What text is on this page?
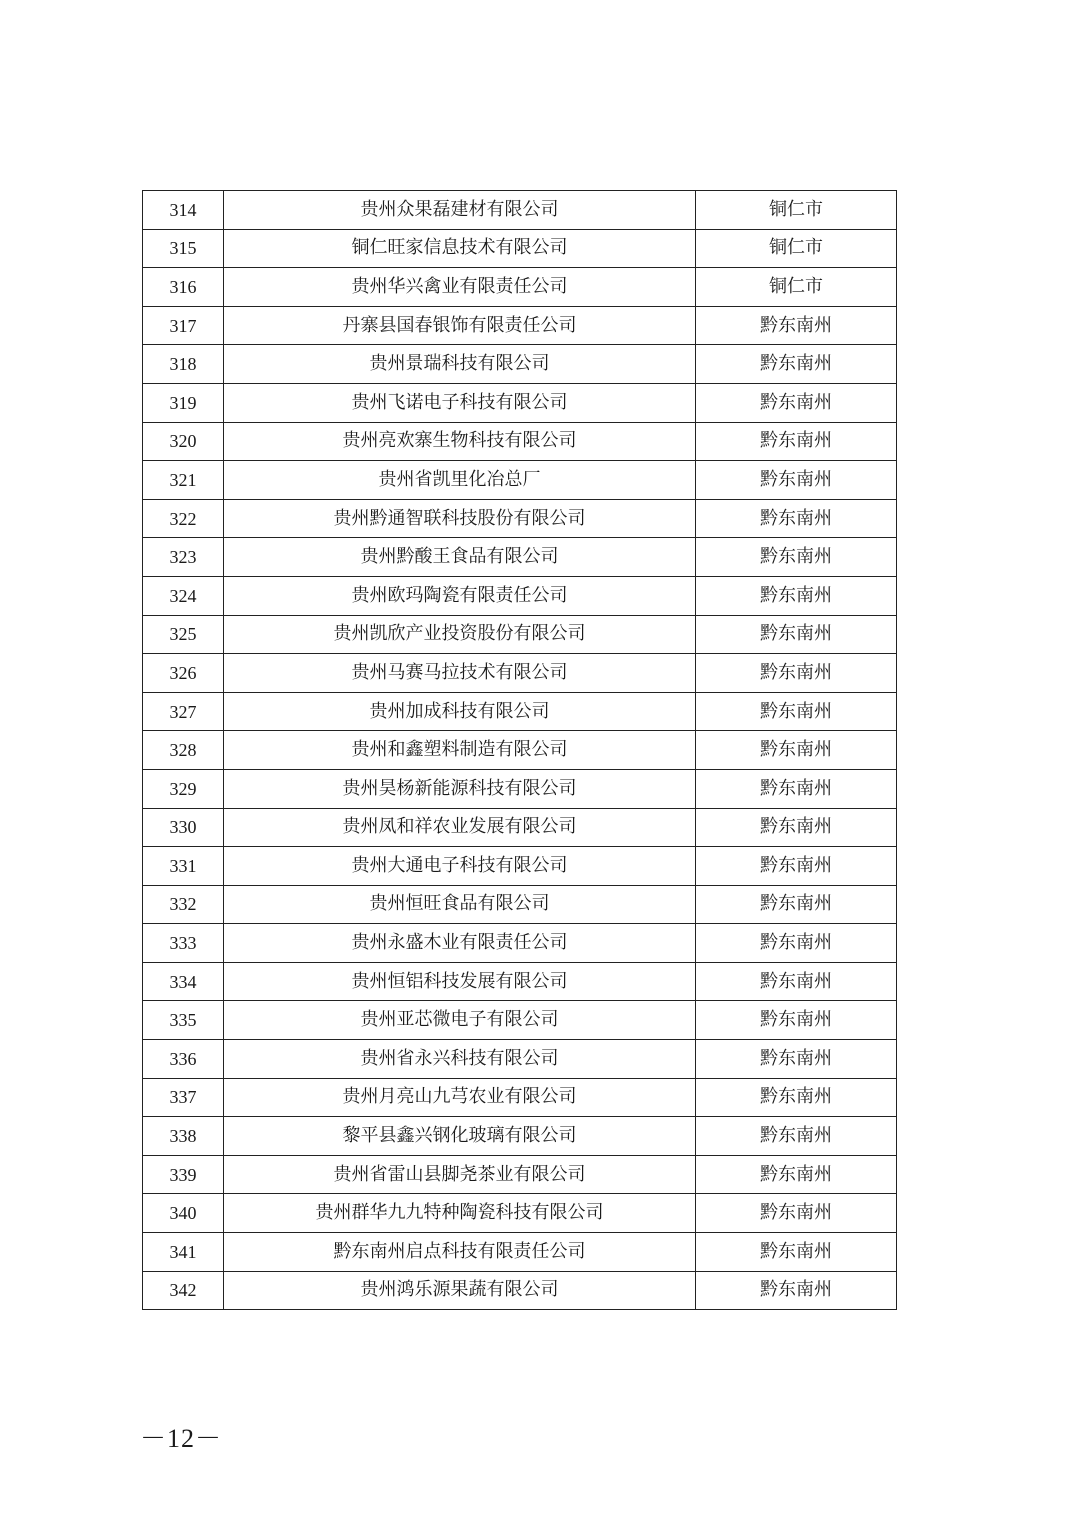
314	贵州众果磊建材有限公司	铜仁市
315	铜仁旺家信息技术有限公司	铜仁市
316	贵州华兴禽业有限责任公司	铜仁市
317	丹寨县国春银饰有限责任公司	黔东南州
318	贵州景瑞科技有限公司	黔东南州
319	贵州飞诺电子科技有限公司	黔东南州
320	贵州亮欢寨生物科技有限公司	黔东南州
321	贵州省凯里化冶总厂	黔东南州
322	贵州黔通智联科技股份有限公司	黔东南州
323	贵州黔酸王食品有限公司	黔东南州
324	贵州欧玛陶瓷有限责任公司	黔东南州
325	贵州凯欣产业投资股份有限公司	黔东南州
326	贵州马赛马拉技术有限公司	黔东南州
327	贵州加成科技有限公司	黔东南州
328	贵州和鑫塑料制造有限公司	黔东南州
329	贵州昊杨新能源科技有限公司	黔东南州
330	贵州凤和祥农业发展有限公司	黔东南州
331	贵州大通电子科技有限公司	黔东南州
332	贵州恒旺食品有限公司	黔东南州
333	贵州永盛木业有限责任公司	黔东南州
334	贵州恒铝科技发展有限公司	黔东南州
335	贵州亚芯微电子有限公司	黔东南州
336	贵州省永兴科技有限公司	黔东南州
337	贵州月亮山九芎农业有限公司	黔东南州
338	黎平县鑫兴钢化玻璃有限公司	黔东南州
339	贵州省雷山县脚尧茶业有限公司	黔东南州
340	贵州群华九九特种陶瓷科技有限公司	黔东南州
341	黔东南州启点科技有限责任公司	黔东南州
342	贵州鸿乐源果蔬有限公司	黔东南州
－12－
